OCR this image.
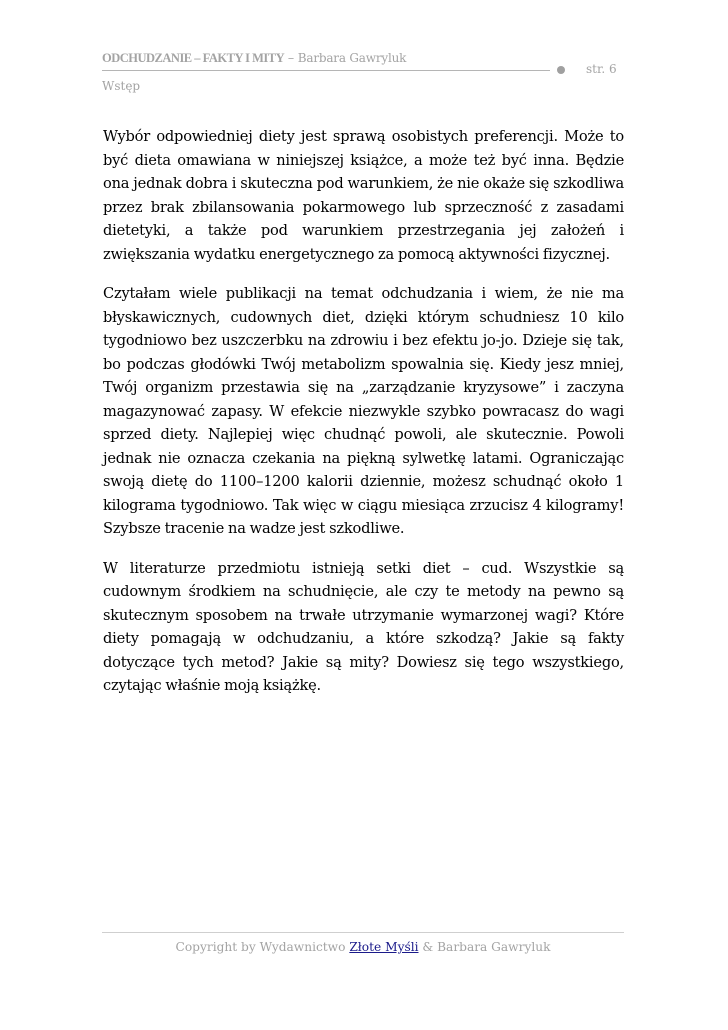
ODCHUDZANIE – FAKTY I MITY – Barbara Gawryluk
str. 6
Wstęp

Wybór odpowiedniej diety jest sprawą osobistych preferencji. Może to być dieta omawiana w niniejszej książce, a może też być inna. Będzie ona jednak dobra i skuteczna pod warunkiem, że nie okaże się szkodliwa przez brak zbilansowania pokarmowego lub sprzeczność z zasadami dietetyki, a także pod warunkiem przestrzegania jej założeń i zwiększania wydatku energetycznego za pomocą aktywności fizycznej.

Czytałam wiele publikacji na temat odchudzania i wiem, że nie ma błyskawicznych, cudownych diet, dzięki którym schudniesz 10 kilo tygodniowo bez uszczerbku na zdrowiu i bez efektu jo-jo. Dzieje się tak, bo podczas głodówki Twój metabolizm spowalnia się. Kiedy jesz mniej, Twój organizm przestawia się na „zarządzanie kryzysowe” i zaczyna magazynować zapasy. W efekcie niezwykle szybko powracasz do wagi sprzed diety. Najlepiej więc chudnąć powoli, ale skutecznie. Powoli jednak nie oznacza czekania na piękną sylwetkę latami. Ograniczając swoją dietę do 1100–1200 kalorii dziennie, możesz schudnąć około 1 kilograma tygodniowo. Tak więc w ciągu miesiąca zrzucisz 4 kilogramy! Szybsze tracenie na wadze jest szkodliwe.

W literaturze przedmiotu istnieją setki diet – cud. Wszystkie są cudownym środkiem na schudnięcie, ale czy te metody na pewno są skutecznym sposobem na trwałe utrzymanie wymarzonej wagi? Które diety pomagają w odchudzaniu, a które szkodzą? Jakie są fakty dotyczące tych metod? Jakie są mity? Dowiesz się tego wszystkiego, czytając właśnie moją książkę.

Copyright by Wydawnictwo Złote Myśli & Barbara Gawryluk
